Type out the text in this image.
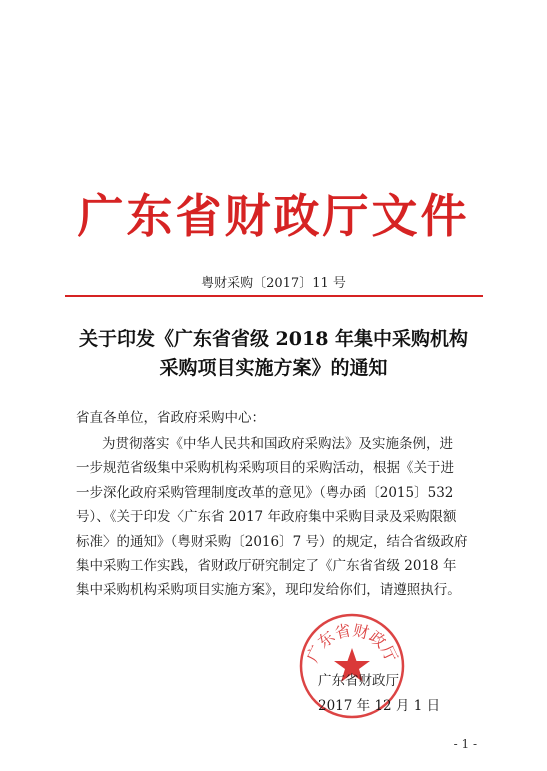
广东省财政厅文件
粤财采购〔2017〕11 号
关于印发《广东省省级 2018 年集中采购机构
采购项目实施方案》的通知
省直各单位，省政府采购中心：
为贯彻落实《中华人民共和国政府采购法》及实施条例，进
一步规范省级集中采购机构采购项目的采购活动，根据《关于进
一步深化政府采购管理制度改革的意见》（粤办函〔2015〕532
号）、《关于印发〈广东省 2017 年政府集中采购目录及采购限额
标准〉的通知》（粤财采购〔2016〕7 号）的规定，结合省级政府
集中采购工作实践，省财政厅研究制定了《广东省省级 2018 年
集中采购机构采购项目实施方案》，现印发给你们，请遵照执行。
广东省财政厅
广东省财政厅
2017 年 12 月 1 日
- 1 -
